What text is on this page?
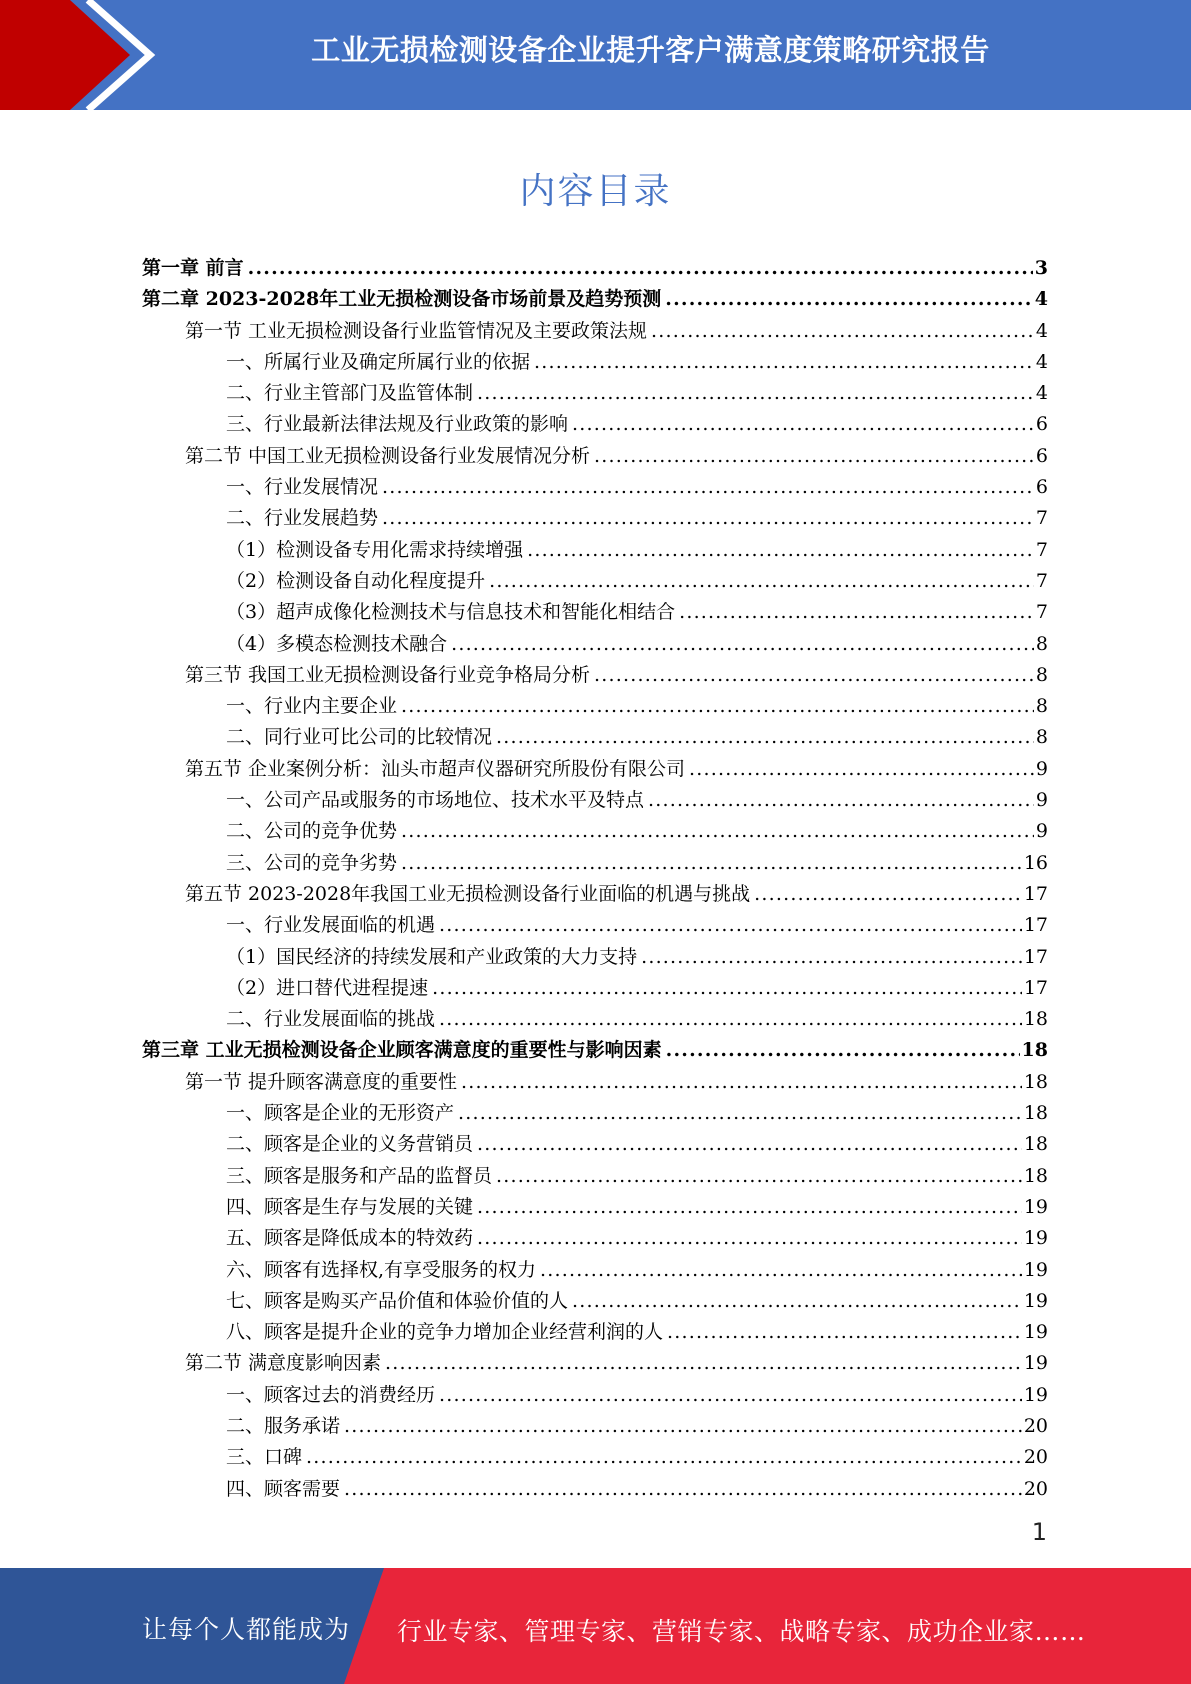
工业无损检测设备企业提升客户满意度策略研究报告
内容目录
第一章 前言 .....	3
第二章 2023-2028年工业无损检测设备市场前景及趋势预测 .....	4
第一节 工业无损检测设备行业监管情况及主要政策法规 .....	4
一、所属行业及确定所属行业的依据 .....	4
二、行业主管部门及监管体制 .....	4
三、行业最新法律法规及行业政策的影响 .....	6
第二节 中国工业无损检测设备行业发展情况分析 .....	6
一、行业发展情况 .....	6
二、行业发展趋势 .....	7
（1）检测设备专用化需求持续增强 .....	7
（2）检测设备自动化程度提升 .....	7
（3）超声成像化检测技术与信息技术和智能化相结合 .....	7
（4）多模态检测技术融合 .....	8
第三节 我国工业无损检测设备行业竞争格局分析 .....	8
一、行业内主要企业 .....	8
二、同行业可比公司的比较情况 .....	8
第五节 企业案例分析：汕头市超声仪器研究所股份有限公司 .....	9
一、公司产品或服务的市场地位、技术水平及特点 .....	9
二、公司的竞争优势 .....	9
三、公司的竞争劣势 .....	16
第五节 2023-2028年我国工业无损检测设备行业面临的机遇与挑战 .....	17
一、行业发展面临的机遇 .....	17
（1）国民经济的持续发展和产业政策的大力支持 .....	17
（2）进口替代进程提速 .....	17
二、行业发展面临的挑战 .....	18
第三章 工业无损检测设备企业顾客满意度的重要性与影响因素 .....	18
第一节 提升顾客满意度的重要性 .....	18
一、顾客是企业的无形资产 .....	18
二、顾客是企业的义务营销员 .....	18
三、顾客是服务和产品的监督员 .....	18
四、顾客是生存与发展的关键 .....	19
五、顾客是降低成本的特效药 .....	19
六、顾客有选择权,有享受服务的权力 .....	19
七、顾客是购买产品价值和体验价值的人 .....	19
八、顾客是提升企业的竞争力增加企业经营利润的人 .....	19
第二节 满意度影响因素 .....	19
一、顾客过去的消费经历 .....	19
二、服务承诺 .....	20
三、口碑 .....	20
四、顾客需要 .....	20
1
让每个人都能成为 行业专家、管理专家、营销专家、战略专家、成功企业家……
